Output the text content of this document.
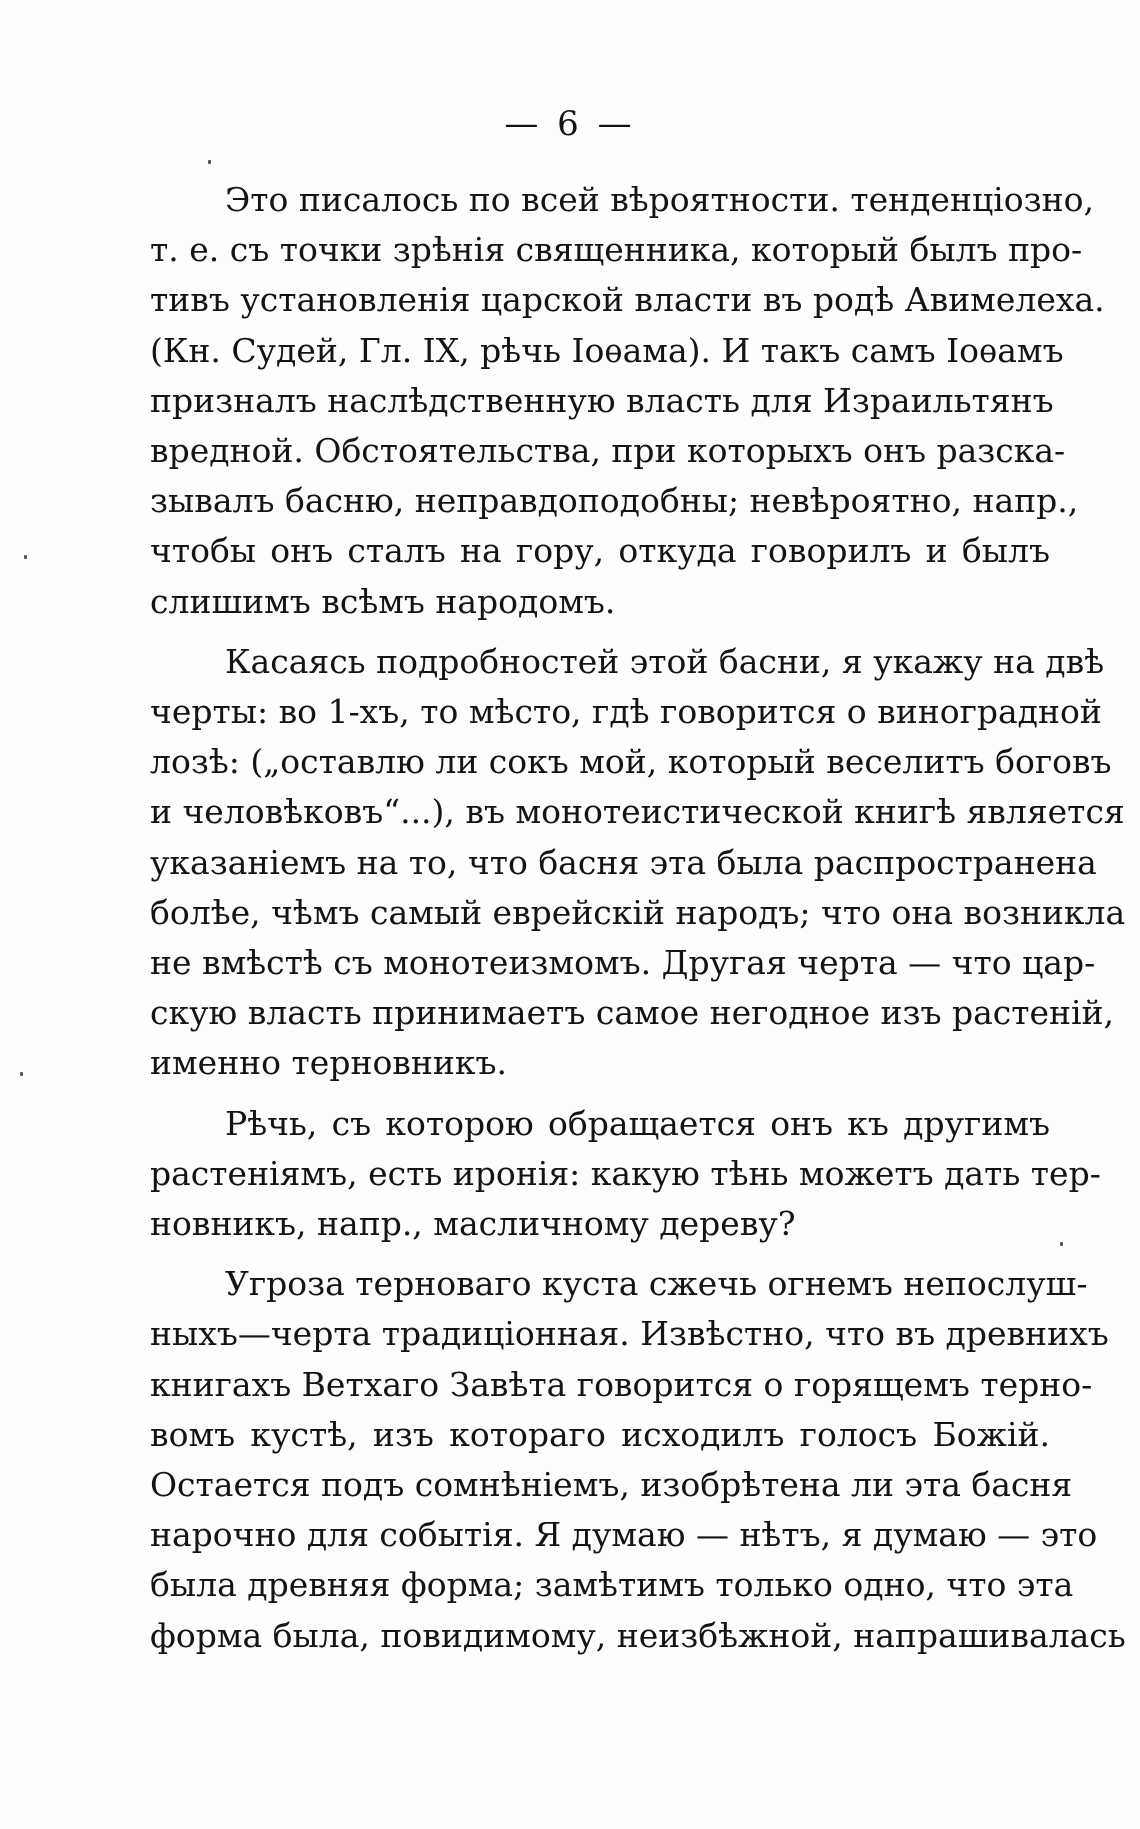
— 6 —
Это писалось по всей вѣроятности. тенденціозно,
т. е. съ точки зрѣнія священника, который былъ про-
тивъ установленія царской власти въ родѣ Авимелеха.
(Кн. Судей, Гл. IX, рѣчь Іоѳама). И такъ самъ Іоѳамъ
призналъ наслѣдственную власть для Израильтянъ
вредной. Обстоятельства, при которыхъ онъ разска-
зывалъ басню, неправдоподобны; невѣроятно, напр.,
чтобы онъ сталъ на гору, откуда говорилъ и былъ
слишимъ всѣмъ народомъ.
Касаясь подробностей этой басни, я укажу на двѣ
черты: во 1-хъ, то мѣсто, гдѣ говорится о виноградной
лозѣ: („оставлю ли сокъ мой, который веселитъ боговъ
и человѣковъ“...), въ монотеистической книгѣ является
указаніемъ на то, что басня эта была распространена
болѣе, чѣмъ самый еврейскій народъ; что она возникла
не вмѣстѣ съ монотеизмомъ. Другая черта — что цар-
скую власть принимаетъ самое негодное изъ растеній,
именно терновникъ.
Рѣчь, съ которою обращается онъ къ другимъ
растеніямъ, есть иронія: какую тѣнь можетъ дать тер-
новникъ, напр., масличному дереву?
Угроза терноваго куста сжечь огнемъ непослуш-
ныхъ—черта традиціонная. Извѣстно, что въ древнихъ
книгахъ Ветхаго Завѣта говорится о горящемъ терно-
вомъ кустѣ, изъ котораго исходилъ голосъ Божій.
Остается подъ сомнѣніемъ, изобрѣтена ли эта басня
нарочно для событія. Я думаю — нѣтъ, я думаю — это
была древняя форма; замѣтимъ только одно, что эта
форма была, повидимому, неизбѣжной, напрашивалась
